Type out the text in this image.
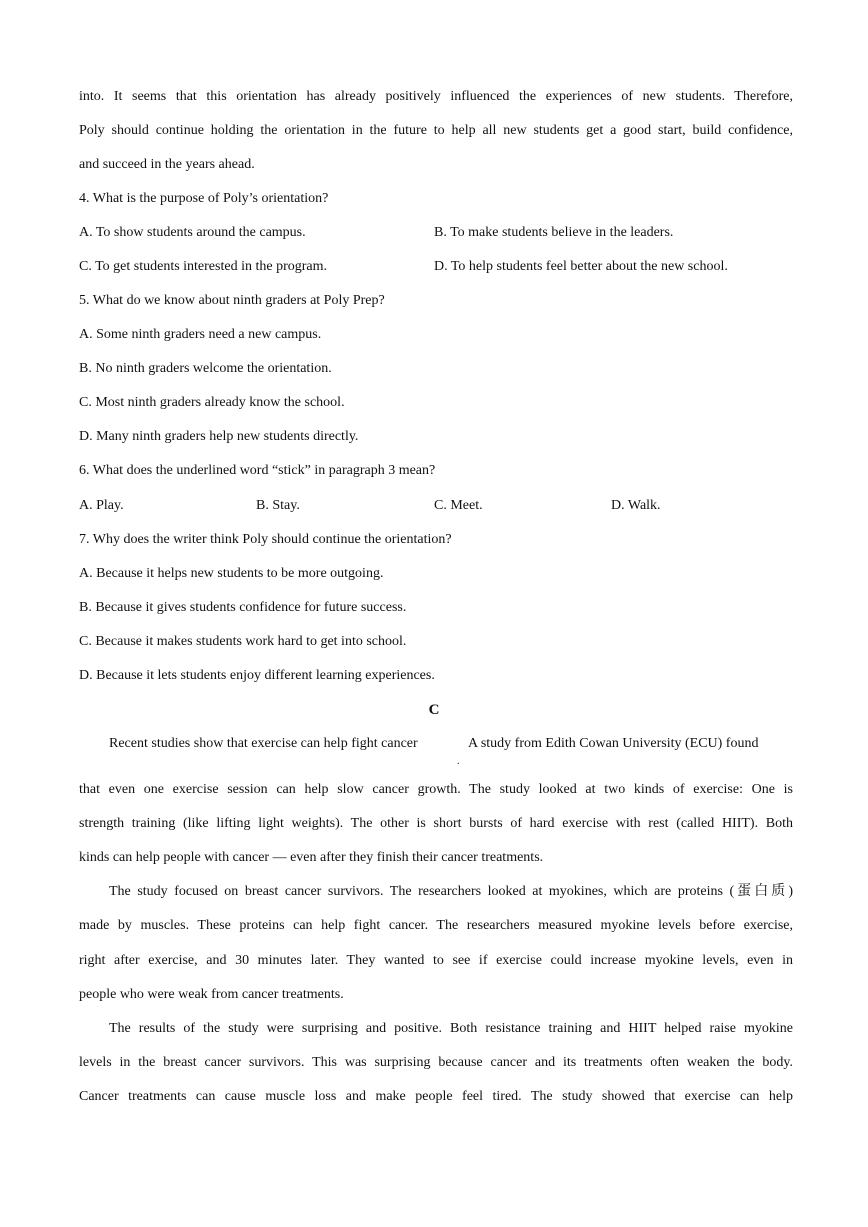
into. It seems that this orientation has already positively influenced the experiences of new students. Therefore,
Poly should continue holding the orientation in the future to help all new students get a good start, build confidence,
and succeed in the years ahead.
4. What is the purpose of Poly’s orientation?
A. To show students around the campus.	B. To make students believe in the leaders.
C. To get students interested in the program.	D. To help students feel better about the new school.
5. What do we know about ninth graders at Poly Prep?
A. Some ninth graders need a new campus.
B. No ninth graders welcome the orientation.
C. Most ninth graders already know the school.
D. Many ninth graders help new students directly.
6. What does the underlined word “stick” in paragraph 3 mean?
A. Play.	B. Stay.	C. Meet.	D. Walk.
7. Why does the writer think Poly should continue the orientation?
A. Because it helps new students to be more outgoing.
B. Because it gives students confidence for future success.
C. Because it makes students work hard to get into school.
D. Because it lets students enjoy different learning experiences.
C
Recent studies show that exercise can help fight cancer
.
A study from Edith Cowan University (ECU) found
that even one exercise session can help slow cancer growth. The study looked at two kinds of exercise: One is
strength training (like lifting light weights). The other is short bursts of hard exercise with rest (called HIIT). Both
kinds can help people with cancer — even after they finish their cancer treatments.
The study focused on breast cancer survivors. The researchers looked at myokines, which are proteins (蛋白质)
made by muscles. These proteins can help fight cancer. The researchers measured myokine levels before exercise,
right after exercise, and 30 minutes later. They wanted to see if exercise could increase myokine levels, even in
people who were weak from cancer treatments.
The results of the study were surprising and positive. Both resistance training and HIIT helped raise myokine
levels in the breast cancer survivors. This was surprising because cancer and its treatments often weaken the body.
Cancer treatments can cause muscle loss and make people feel tired. The study showed that exercise can help
